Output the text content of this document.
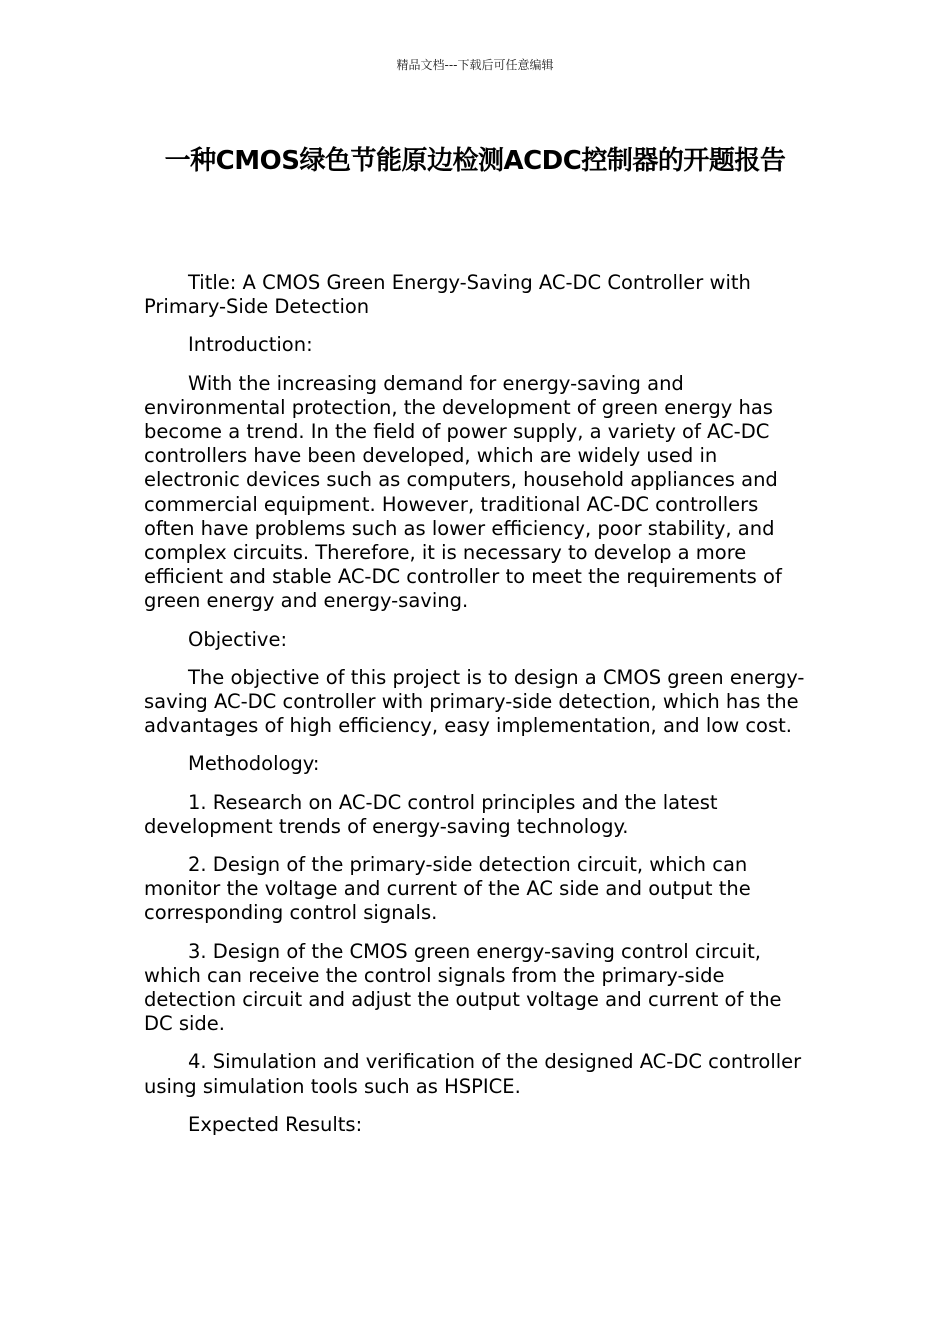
精品文档---下载后可任意编辑
一种CMOS绿色节能原边检测ACDC控制器的开题报告

Title: A CMOS Green Energy-Saving AC-DC Controller with Primary-Side Detection

Introduction:

With the increasing demand for energy-saving and environmental protection, the development of green energy has become a trend. In the field of power supply, a variety of AC-DC controllers have been developed, which are widely used in electronic devices such as computers, household appliances and commercial equipment. However, traditional AC-DC controllers often have problems such as lower efficiency, poor stability, and complex circuits. Therefore, it is necessary to develop a more efficient and stable AC-DC controller to meet the requirements of green energy and energy-saving.

Objective:

The objective of this project is to design a CMOS green energy-saving AC-DC controller with primary-side detection, which has the advantages of high efficiency, easy implementation, and low cost.

Methodology:

1. Research on AC-DC control principles and the latest development trends of energy-saving technology.

2. Design of the primary-side detection circuit, which can monitor the voltage and current of the AC side and output the corresponding control signals.

3. Design of the CMOS green energy-saving control circuit, which can receive the control signals from the primary-side detection circuit and adjust the output voltage and current of the DC side.

4. Simulation and verification of the designed AC-DC controller using simulation tools such as HSPICE.

Expected Results:
